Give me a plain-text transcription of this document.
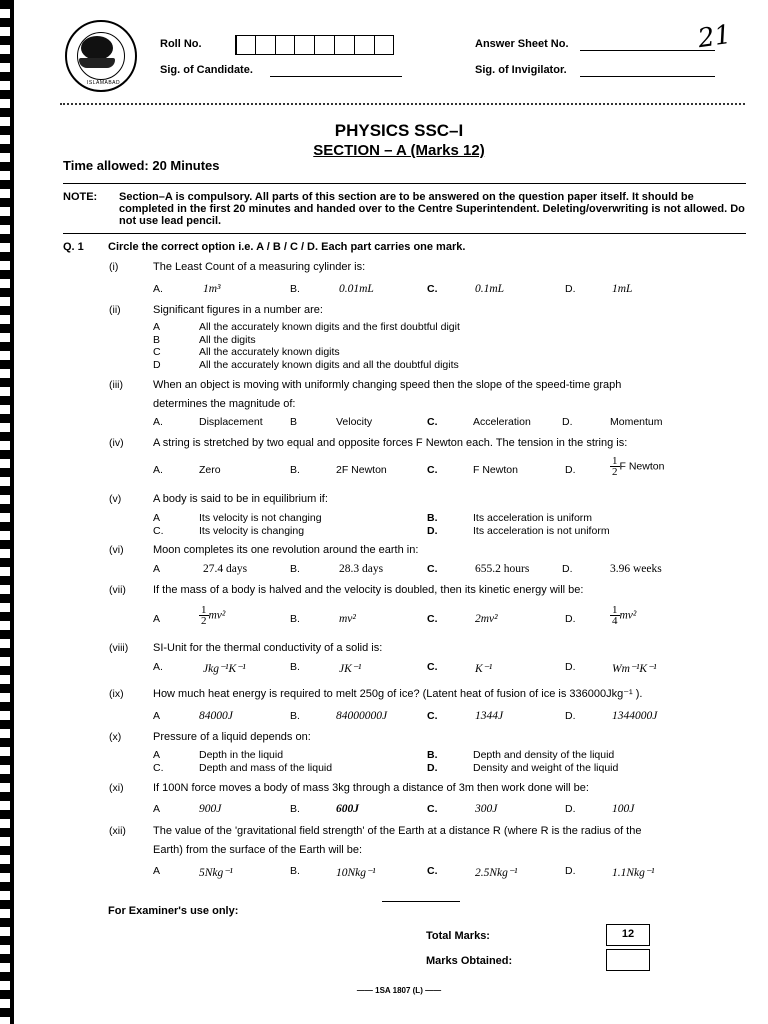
ISLAMABAD
Roll No.
Sig. of Candidate.
Answer Sheet No.	21
Sig. of Invigilator.
PHYSICS SSC–I
SECTION – A (Marks 12)
Time allowed: 20 Minutes
NOTE: Section–A is compulsory. All parts of this section are to be answered on the question paper itself. It should be completed in the first 20 minutes and handed over to the Centre Superintendent. Deleting/overwriting is not allowed. Do not use lead pencil.
Q. 1 Circle the correct option i.e. A / B / C / D. Each part carries one mark.
(i)	The Least Count of a measuring cylinder is:
A.	1m³	B.	0.01mL	C.	0.1mL	D.	1mL
(ii)	Significant figures in a number are:
A	All the accurately known digits and the first doubtful digit
B	All the digits
C	All the accurately known digits
D	All the accurately known digits and all the doubtful digits
(iii)	When an object is moving with uniformly changing speed then the slope of the speed-time graph
determines the magnitude of:
A.	Displacement	B	Velocity	C.	Acceleration	D.	Momentum
(iv)	A string is stretched by two equal and opposite forces F Newton each. The tension in the string is:
A.	Zero	B.	2F Newton	C.	F Newton	D.	$\frac{1}{2}$ F Newton
(v)	A body is said to be in equilibrium if:
A	Its velocity is not changing	B.	Its acceleration is uniform
C.	Its velocity is changing	D.	Its acceleration is not uniform
(vi)	Moon completes its one revolution around the earth in:
A	27.4 days	B.	28.3 days	C.	655.2 hours	D.	3.96 weeks
(vii) If the mass of a body is halved and the velocity is doubled, then its kinetic energy will be:
A	$\frac{1}{2} mv^2$	B.	mv²	C.	2mv²	D.	$\frac{1}{4} mv^2$
(viii) SI-Unit for the thermal conductivity of a solid is:
A.	Jkg⁻¹K⁻¹	B.	JK⁻¹	C.	K⁻¹	D.	Wm⁻¹K⁻¹
(ix)	How much heat energy is required to melt 250g of ice? (Latent heat of fusion of ice is 336000Jkg⁻¹ ).
A	84000J	B.	84000000J	C.	1344J	D.	1344000J
(x)	Pressure of a liquid depends on:
A	Depth in the liquid	B.	Depth and density of the liquid
C.	Depth and mass of the liquid	D.	Density and weight of the liquid
(xi)	If 100N force moves a body of mass 3kg through a distance of 3m then work done will be:
A	900J	B.	600J	C.	300J	D.	100J
(xii) The value of the 'gravitational field strength' of the Earth at a distance R (where R is the radius of the
Earth) from the surface of the Earth will be:
A	5Nkg⁻¹	B.	10Nkg⁻¹	C.	2.5Nkg⁻¹	D.	1.1Nkg⁻¹
For Examiner's use only:
Total Marks:	12
Marks Obtained:
—— 1SA 1807 (L) ——
